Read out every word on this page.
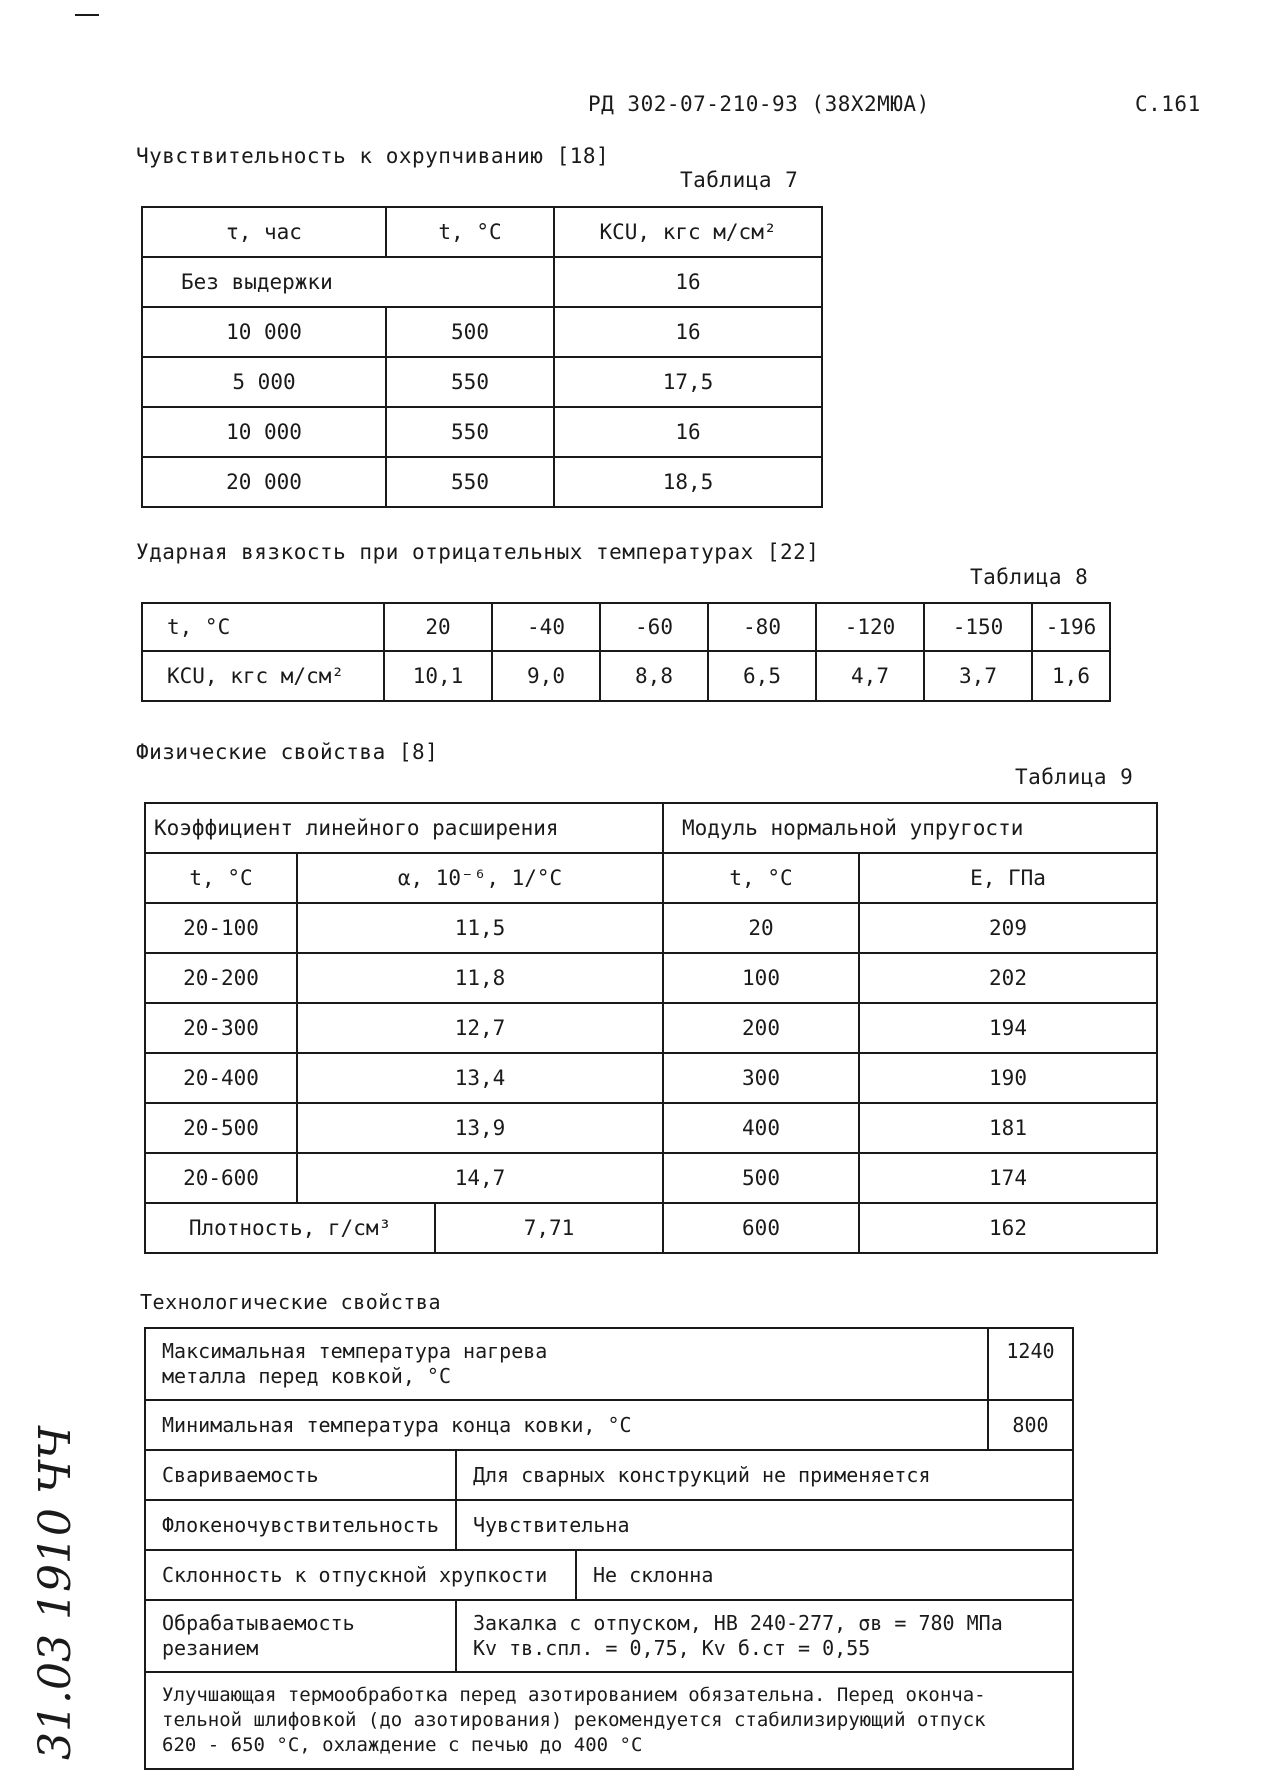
РД 302-07-210-93 (38Х2МЮА)	С.161
Чувствительность к охрупчиванию [18]
Таблица 7
τ, час	t, °C	KCU, кгс м/см²
Без выдержки		16
10 000	500	16
5 000	550	17,5
10 000	550	16
20 000	550	18,5
Ударная вязкость при отрицательных температурах [22]
Таблица 8
t, °C	20	-40	-60	-80	-120	-150	-196
KCU, кгс м/см²	10,1	9,0	8,8	6,5	4,7	3,7	1,6
Физические свойства [8]
Таблица 9
Коэффициент линейного расширения			Модуль нормальной упругости	
t, °C	α, 10⁻⁶, 1/°C		t, °C	E, ГПа
20-100	11,5		20	209
20-200	11,8		100	202
20-300	12,7		200	194
20-400	13,4		300	190
20-500	13,9		400	181
20-600	14,7		500	174
Плотность, г/см³		7,71	600	162
Технологические свойства
Максимальная температура нагрева
металла перед ковкой, °C			1240
Минимальная температура конца ковки, °C			800
Свариваемость	Для сварных конструкций не применяется		
Флокеночувствительность	Чувствительна		
Склонность к отпускной хрупкости		Не склонна	

Обрабатываемость
резанием	Закалка с отпуском, НВ 240-277, σв = 780 МПа
Kv тв.спл. = 0,75, Kv б.ст = 0,55		

Улучшающая термообработка перед азотированием обязательна. Перед оконча-
тельной шлифовкой (до азотирования) рекомендуется стабилизирующий отпуск
620 - 650 °C, охлаждение с печью до 400 °C			
31.03 1910 ЧЧ
